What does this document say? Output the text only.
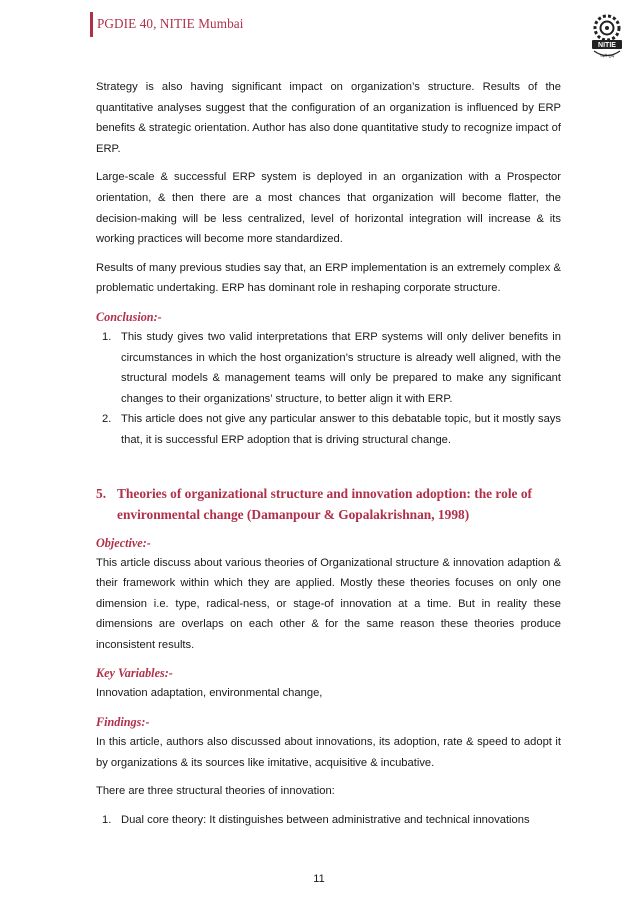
PGDIE 40, NITIE Mumbai
NITIE
नाइटी मुंबई

Strategy is also having significant impact on organization’s structure. Results of the quantitative analyses suggest that the configuration of an organization is influenced by ERP benefits & strategic orientation. Author has also done quantitative study to recognize impact of ERP.

Large-scale & successful ERP system is deployed in an organization with a Prospector orientation, & then there are a most chances that organization will become flatter, the decision-making will be less centralized, level of horizontal integration will increase & its working practices will become more standardized.

Results of many previous studies say that, an ERP implementation is an extremely complex & problematic undertaking. ERP has dominant role in reshaping corporate structure.

Conclusion:-
1. This study gives two valid interpretations that ERP systems will only deliver benefits in circumstances in which the host organization’s structure is already well aligned, with the structural models & management teams will only be prepared to make any significant changes to their organizations’ structure, to better align it with ERP.
2. This article does not give any particular answer to this debatable topic, but it mostly says that, it is successful ERP adoption that is driving structural change.
5. Theories of organizational structure and innovation adoption: the role of environmental change (Damanpour & Gopalakrishnan, 1998)
Objective:-

This article discuss about various theories of Organizational structure & innovation adaption & their framework within which they are applied. Mostly these theories focuses on only one dimension i.e. type, radical-ness, or stage-of innovation at a time. But in reality these dimensions are overlaps on each other & for the same reason these theories produce inconsistent results.

Key Variables:-

Innovation adaptation, environmental change,

Findings:-

In this article, authors also discussed about innovations, its adoption, rate & speed to adopt it by organizations & its sources like imitative, acquisitive & incubative.

There are three structural theories of innovation:

1. Dual core theory: It distinguishes between administrative and technical innovations
11
